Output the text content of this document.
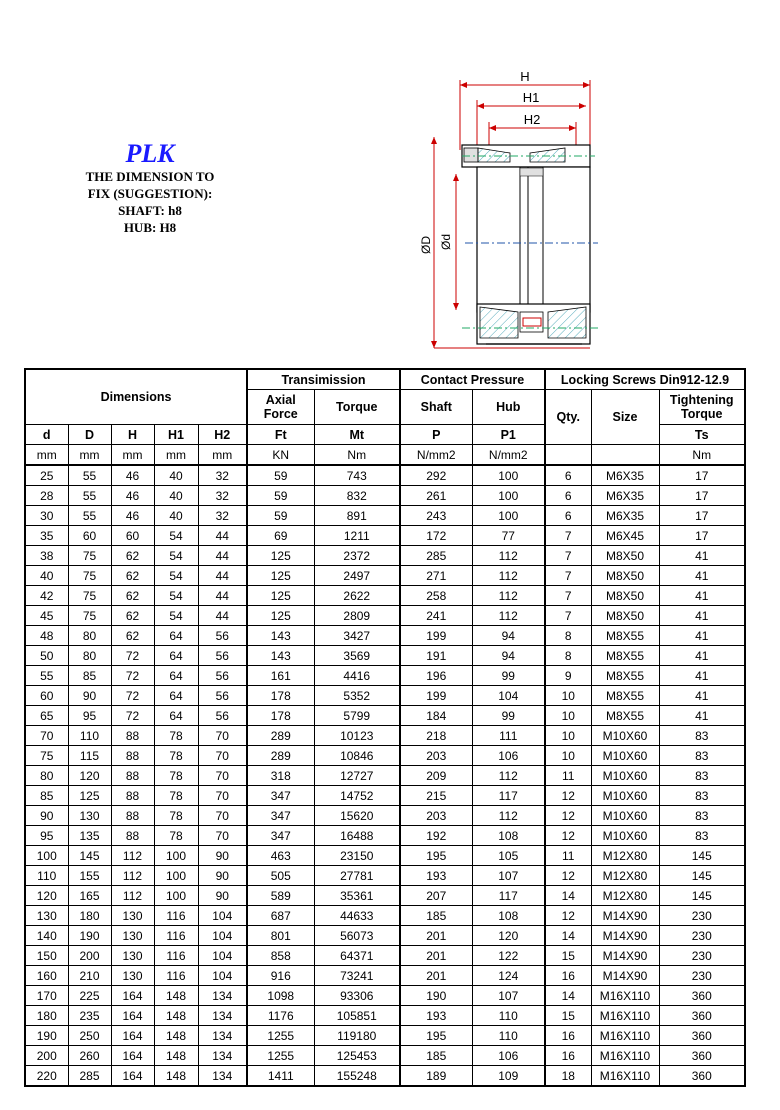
PLK
THE DIMENSION TO
FIX (SUGGESTION):
SHAFT: h8
HUB: H8
H
H1
H2
ØD Ød
Dimensions					Transimission		Contact Pressure		Locking Screws Din912-12.9		
					Axial Force	Torque	Shaft	Hub	Qty.	Size	Tightening Torque
d	D	H	H1	H2	Ft	Mt	P	P1			Ts
mm	mm	mm	mm	mm	KN	Nm	N/mm2	N/mm2			Nm
25	55	46	40	32	59	743	292	100	6	M6X35	17
28	55	46	40	32	59	832	261	100	6	M6X35	17
30	55	46	40	32	59	891	243	100	6	M6X35	17
35	60	60	54	44	69	1211	172	77	7	M6X45	17
38	75	62	54	44	125	2372	285	112	7	M8X50	41
40	75	62	54	44	125	2497	271	112	7	M8X50	41
42	75	62	54	44	125	2622	258	112	7	M8X50	41
45	75	62	54	44	125	2809	241	112	7	M8X50	41
48	80	62	64	56	143	3427	199	94	8	M8X55	41
50	80	72	64	56	143	3569	191	94	8	M8X55	41
55	85	72	64	56	161	4416	196	99	9	M8X55	41
60	90	72	64	56	178	5352	199	104	10	M8X55	41
65	95	72	64	56	178	5799	184	99	10	M8X55	41
70	110	88	78	70	289	10123	218	111	10	M10X60	83
75	115	88	78	70	289	10846	203	106	10	M10X60	83
80	120	88	78	70	318	12727	209	112	11	M10X60	83
85	125	88	78	70	347	14752	215	117	12	M10X60	83
90	130	88	78	70	347	15620	203	112	12	M10X60	83
95	135	88	78	70	347	16488	192	108	12	M10X60	83
100	145	112	100	90	463	23150	195	105	11	M12X80	145
110	155	112	100	90	505	27781	193	107	12	M12X80	145
120	165	112	100	90	589	35361	207	117	14	M12X80	145
130	180	130	116	104	687	44633	185	108	12	M14X90	230
140	190	130	116	104	801	56073	201	120	14	M14X90	230
150	200	130	116	104	858	64371	201	122	15	M14X90	230
160	210	130	116	104	916	73241	201	124	16	M14X90	230
170	225	164	148	134	1098	93306	190	107	14	M16X110	360
180	235	164	148	134	1176	105851	193	110	15	M16X110	360
190	250	164	148	134	1255	119180	195	110	16	M16X110	360
200	260	164	148	134	1255	125453	185	106	16	M16X110	360
220	285	164	148	134	1411	155248	189	109	18	M16X110	360
